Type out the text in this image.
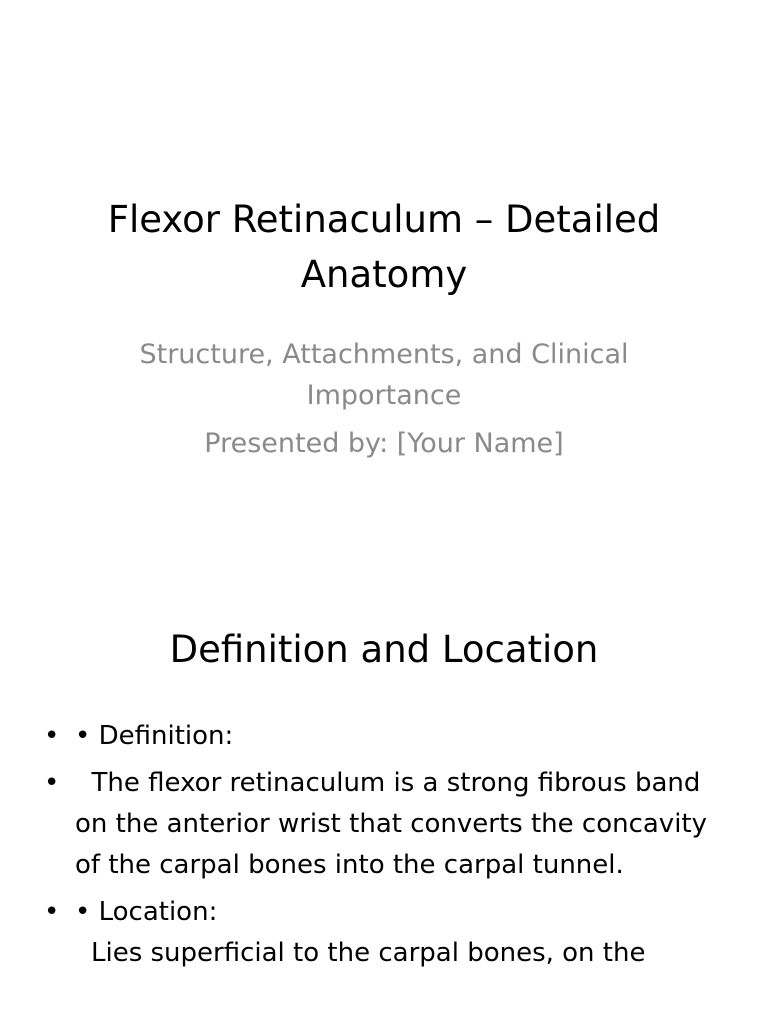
Flexor Retinaculum – Detailed
Anatomy
Structure, Attachments, and Clinical
Importance
Presented by: [Your Name]
Definition and Location
• • Definition:
• The flexor retinaculum is a strong fibrous band on the anterior wrist that converts the concavity of the carpal bones into the carpal tunnel.
• • Location:
Lies superficial to the carpal bones, on the
